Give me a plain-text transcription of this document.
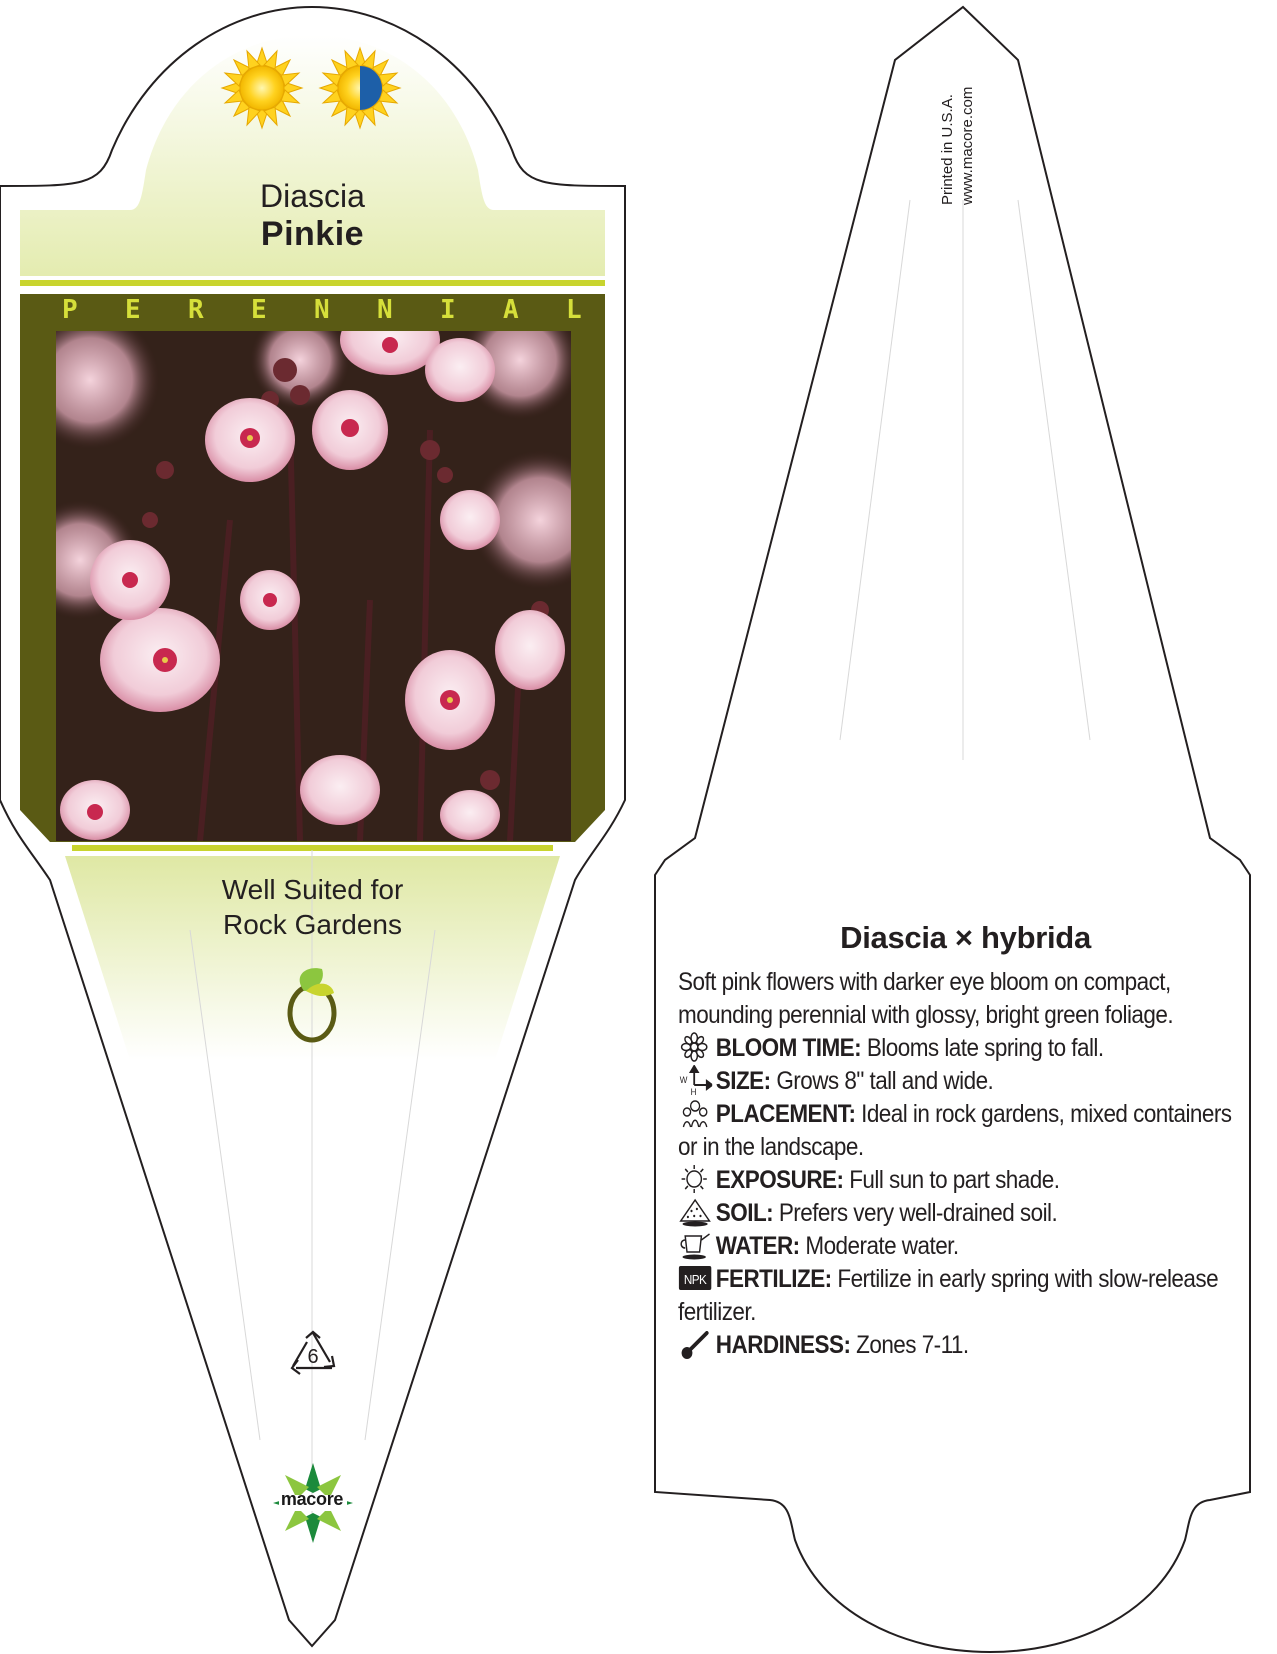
Diascia
Pinkie
P E R E N N I A L
Well Suited for
Rock Gardens
6
macore
Printed in U.S.A. www.macore.com
Diascia × hybrida
Soft pink flowers with darker eye bloom on compact, mounding perennial with glossy, bright green foliage.
BLOOM TIME: Blooms late spring to fall.
W
H SIZE: Grows 8" tall and wide.
PLACEMENT: Ideal in rock gardens, mixed containers or in the landscape.
EXPOSURE: Full sun to part shade.
SOIL: Prefers very well-drained soil.
WATER: Moderate water.
NPK FERTILIZE: Fertilize in early spring with slow-release fertilizer.
HARDINESS: Zones 7-11.
